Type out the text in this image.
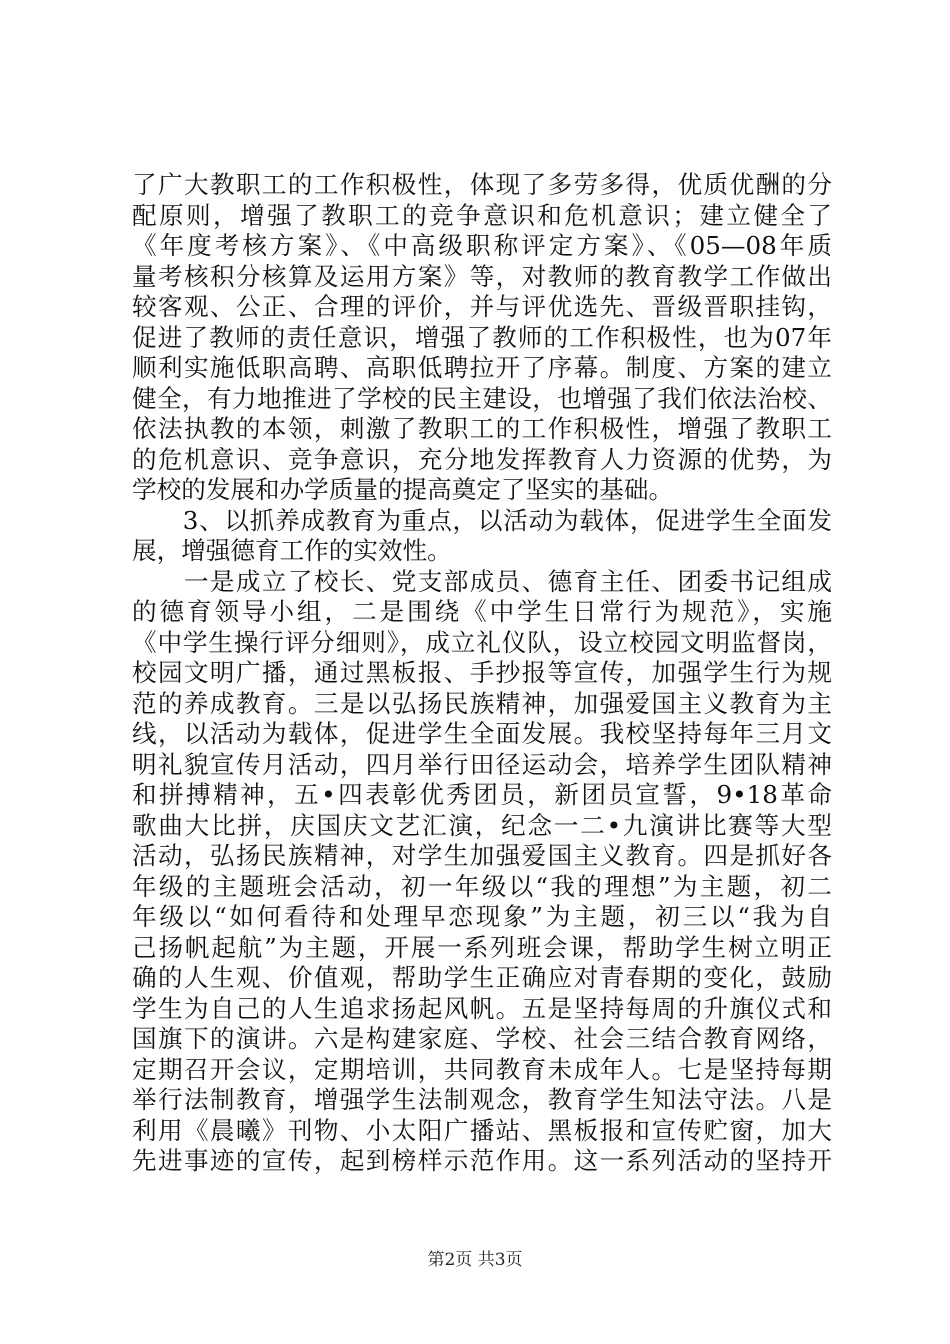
了广大教职工的工作积极性，体现了多劳多得，优质优酬的分
配原则，增强了教职工的竞争意识和危机意识；建立健全了
《年度考核方案》、《中高级职称评定方案》、《05—08年质
量考核积分核算及运用方案》等，对教师的教育教学工作做出
较客观、公正、合理的评价，并与评优选先、晋级晋职挂钩，
促进了教师的责任意识，增强了教师的工作积极性，也为07年
顺利实施低职高聘、高职低聘拉开了序幕。制度、方案的建立
健全，有力地推进了学校的民主建设，也增强了我们依法治校、
依法执教的本领，刺激了教职工的工作积极性，增强了教职工
的危机意识、竞争意识，充分地发挥教育人力资源的优势，为
学校的发展和办学质量的提高奠定了坚实的基础。
　　3、以抓养成教育为重点，以活动为载体，促进学生全面发
展，增强德育工作的实效性。
　　一是成立了校长、党支部成员、德育主任、团委书记组成
的德育领导小组，二是围绕《中学生日常行为规范》，实施
《中学生操行评分细则》，成立礼仪队，设立校园文明监督岗，
校园文明广播，通过黑板报、手抄报等宣传，加强学生行为规
范的养成教育。三是以弘扬民族精神，加强爱国主义教育为主
线，以活动为载体，促进学生全面发展。我校坚持每年三月文
明礼貌宣传月活动，四月举行田径运动会，培养学生团队精神
和拼搏精神，五•四表彰优秀团员，新团员宣誓，9•18革命
歌曲大比拼，庆国庆文艺汇演，纪念一二•九演讲比赛等大型
活动，弘扬民族精神，对学生加强爱国主义教育。四是抓好各
年级的主题班会活动，初一年级以“我的理想”为主题，初二
年级以“如何看待和处理早恋现象”为主题，初三以“我为自
己扬帆起航”为主题，开展一系列班会课，帮助学生树立明正
确的人生观、价值观，帮助学生正确应对青春期的变化，鼓励
学生为自己的人生追求扬起风帆。五是坚持每周的升旗仪式和
国旗下的演讲。六是构建家庭、学校、社会三结合教育网络，
定期召开会议，定期培训，共同教育未成年人。七是坚持每期
举行法制教育，增强学生法制观念，教育学生知法守法。八是
利用《晨曦》刊物、小太阳广播站、黑板报和宣传贮窗，加大
先进事迹的宣传，起到榜样示范作用。这一系列活动的坚持开
第2页 共3页
